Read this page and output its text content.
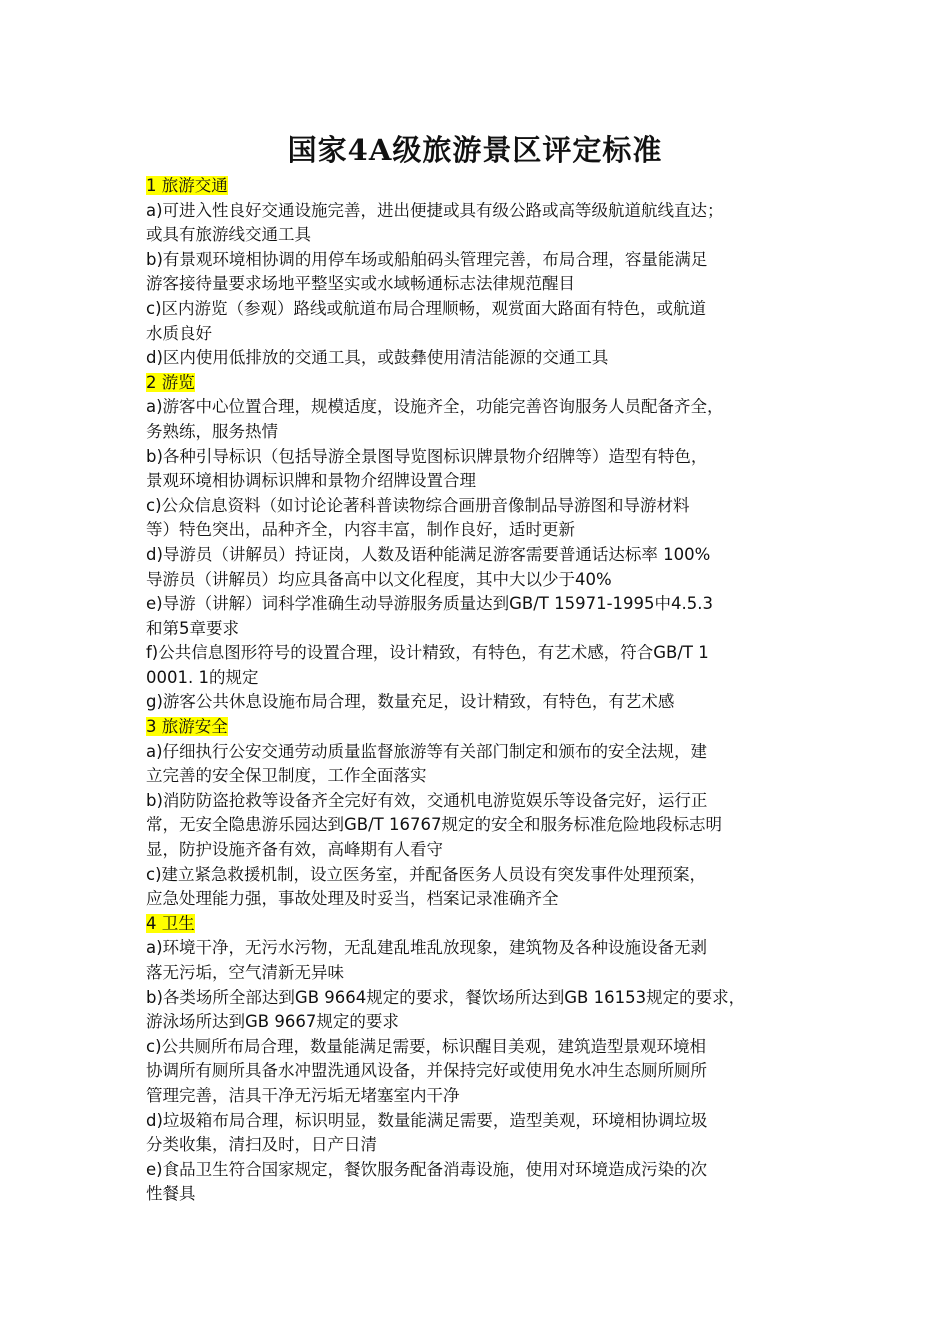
国家4A级旅游景区评定标准
1 旅游交通
a)可进入性良好交通设施完善，进出便捷或具有级公路或高等级航道航线直达；
或具有旅游线交通工具
b)有景观环境相协调的用停车场或船舶码头管理完善，布局合理，容量能满足
游客接待量要求场地平整坚实或水域畅通标志法律规范醒目
c)区内游览（参观）路线或航道布局合理顺畅，观赏面大路面有特色，或航道
水质良好
d)区内使用低排放的交通工具，或鼓彝使用清洁能源的交通工具
2 游览
a)游客中心位置合理，规模适度，设施齐全，功能完善咨询服务人员配备齐全，
务熟练，服务热情
b)各种引导标识（包括导游全景图导览图标识牌景物介绍牌等）造型有特色，
景观环境相协调标识牌和景物介绍牌设置合理
c)公众信息资料（如讨论论著科普读物综合画册音像制品导游图和导游材料
等）特色突出，品种齐全，内容丰富，制作良好，适时更新
d)导游员（讲解员）持证岗，人数及语种能满足游客需要普通话达标率 100%
导游员（讲解员）均应具备高中以文化程度，其中大以少于40%
e)导游（讲解）词科学准确生动导游服务质量达到GB/T 15971-1995中4.5.3
和第5章要求
f)公共信息图形符号的设置合理，设计精致，有特色，有艺术感，符合GB/T 1
0001. 1的规定
g)游客公共休息设施布局合理，数量充足，设计精致，有特色，有艺术感
3 旅游安全
a)仔细执行公安交通劳动质量监督旅游等有关部门制定和颁布的安全法规，建
立完善的安全保卫制度，工作全面落实
b)消防防盗抢救等设备齐全完好有效，交通机电游览娱乐等设备完好，运行正
常，无安全隐患游乐园达到GB/T 16767规定的安全和服务标准危险地段标志明
显，防护设施齐备有效，高峰期有人看守
c)建立紧急救援机制，设立医务室，并配备医务人员设有突发事件处理预案，
应急处理能力强，事故处理及时妥当，档案记录准确齐全
4 卫生
a)环境干净，无污水污物，无乱建乱堆乱放现象，建筑物及各种设施设备无剥
落无污垢，空气清新无异味
b)各类场所全部达到GB 9664规定的要求，餐饮场所达到GB 16153规定的要求，
游泳场所达到GB 9667规定的要求
c)公共厕所布局合理，数量能满足需要，标识醒目美观，建筑造型景观环境相
协调所有厕所具备水冲盟洗通风设备，并保持完好或使用免水冲生态厕所厕所
管理完善，洁具干净无污垢无堵塞室内干净
d)垃圾箱布局合理，标识明显，数量能满足需要，造型美观，环境相协调垃圾
分类收集，清扫及时，日产日清
e)食品卫生符合国家规定，餐饮服务配备消毒设施，使用对环境造成污染的次
性餐具
